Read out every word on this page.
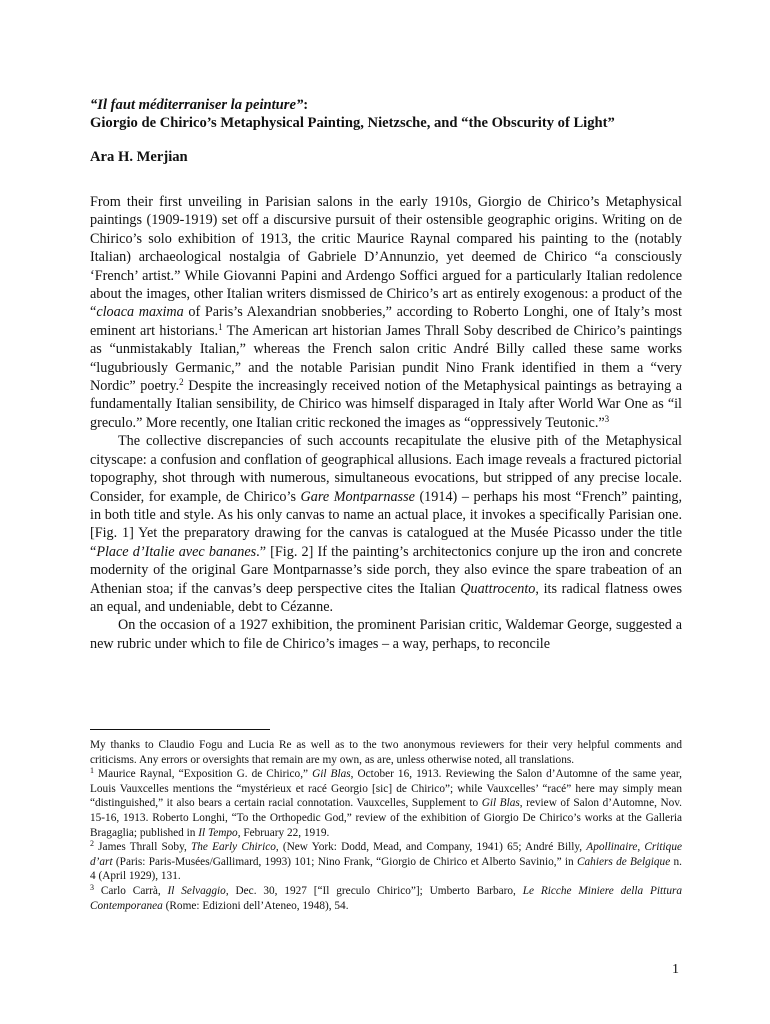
“Il faut méditerraniser la peinture”:

Giorgio de Chirico’s Metaphysical Painting, Nietzsche, and “the Obscurity of Light”

Ara H. Merjian

From their first unveiling in Parisian salons in the early 1910s, Giorgio de Chirico’s Metaphysical paintings (1909-1919) set off a discursive pursuit of their ostensible geographic origins. Writing on de Chirico’s solo exhibition of 1913, the critic Maurice Raynal compared his painting to the (notably Italian) archaeological nostalgia of Gabriele D’Annunzio, yet deemed de Chirico “a consciously ‘French’ artist.” While Giovanni Papini and Ardengo Soffici argued for a particularly Italian redolence about the images, other Italian writers dismissed de Chirico’s art as entirely exogenous: a product of the “cloaca maxima of Paris’s Alexandrian snobberies,” according to Roberto Longhi, one of Italy’s most eminent art historians.$^1$ The American art historian James Thrall Soby described de Chirico’s paintings as “unmistakably Italian,” whereas the French salon critic André Billy called these same works “lugubriously Germanic,” and the notable Parisian pundit Nino Frank identified in them a “very Nordic” poetry.$^2$ Despite the increasingly received notion of the Metaphysical paintings as betraying a fundamentally Italian sensibility, de Chirico was himself disparaged in Italy after World War One as “il greculo.” More recently, one Italian critic reckoned the images as “oppressively Teutonic.”$^3$

The collective discrepancies of such accounts recapitulate the elusive pith of the Metaphysical cityscape: a confusion and conflation of geographical allusions. Each image reveals a fractured pictorial topography, shot through with numerous, simultaneous evocations, but stripped of any precise locale. Consider, for example, de Chirico’s Gare Montparnasse (1914) – perhaps his most “French” painting, in both title and style. As his only canvas to name an actual place, it invokes a specifically Parisian one. [Fig. 1] Yet the preparatory drawing for the canvas is catalogued at the Musée Picasso under the title “Place d’Italie avec bananes.” [Fig. 2] If the painting’s architectonics conjure up the iron and concrete modernity of the original Gare Montparnasse’s side porch, they also evince the spare trabeation of an Athenian stoa; if the canvas’s deep perspective cites the Italian Quattrocento, its radical flatness owes an equal, and undeniable, debt to Cézanne.

On the occasion of a 1927 exhibition, the prominent Parisian critic, Waldemar George, suggested a new rubric under which to file de Chirico’s images – a way, perhaps, to reconcile

My thanks to Claudio Fogu and Lucia Re as well as to the two anonymous reviewers for their very helpful comments and criticisms. Any errors or oversights that remain are my own, as are, unless otherwise noted, all translations.

$^1$ Maurice Raynal, “Exposition G. de Chirico,” Gil Blas, October 16, 1913. Reviewing the Salon d’Automne of the same year, Louis Vauxcelles mentions the “mystérieux et racé Georgio [sic] de Chirico”; while Vauxcelles’ “racé” here may simply mean “distinguished,” it also bears a certain racial connotation. Vauxcelles, Supplement to Gil Blas, review of Salon d’Automne, Nov. 15-16, 1913. Roberto Longhi, “To the Orthopedic God,” review of the exhibition of Giorgio De Chirico’s works at the Galleria Bragaglia; published in Il Tempo, February 22, 1919.

$^2$ James Thrall Soby, The Early Chirico, (New York: Dodd, Mead, and Company, 1941) 65; André Billy, Apollinaire, Critique d’art (Paris: Paris-Musées/Gallimard, 1993) 101; Nino Frank, “Giorgio de Chirico et Alberto Savinio,” in Cahiers de Belgique n. 4 (April 1929), 131.

$^3$ Carlo Carrà, Il Selvaggio, Dec. 30, 1927 [“Il greculo Chirico”]; Umberto Barbaro, Le Ricche Miniere della Pittura Contemporanea (Rome: Edizioni dell’Ateneo, 1948), 54.

1
